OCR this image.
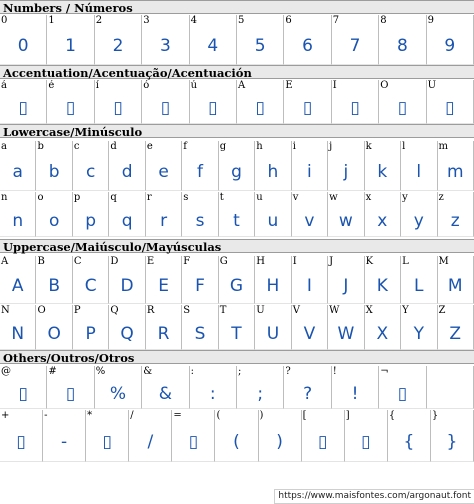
Numbers / Números
0
0
1
1
2
2
3
3
4
4
5
5
6
6
7
7
8
8
9
9
Accentuation/Acentuação/Acentuación
á
▯
é
▯
í
▯
ó
▯
ú
▯
Á
▯
É
▯
Í
▯
Ó
▯
Ú
▯
Lowercase/Minúsculo
a
a
b
b
c
c
d
d
e
e
f
f
g
g
h
h
i
i
j
j
k
k
l
l
m
m
n
n
o
o
p
p
q
q
r
r
s
s
t
t
u
u
v
v
w
w
x
x
y
y
z
z
Uppercase/Maiúsculo/Mayúsculas
A
A
B
B
C
C
D
D
E
E
F
F
G
G
H
H
I
I
J
J
K
K
L
L
M
M
N
N
O
O
P
P
Q
Q
R
R
S
S
T
T
U
U
V
V
W
W
X
X
Y
Y
Z
Z
Others/Outros/Otros
@
▯
#
▯
%
%
&
&
:
:
;
;
?
?
!
!
¬
▯
+
▯
-
-
*
▯
/
/
=
▯
(
(
)
)
[
▯
]
▯
{
{
}
}
https://www.maisfontes.com/argonaut.font
